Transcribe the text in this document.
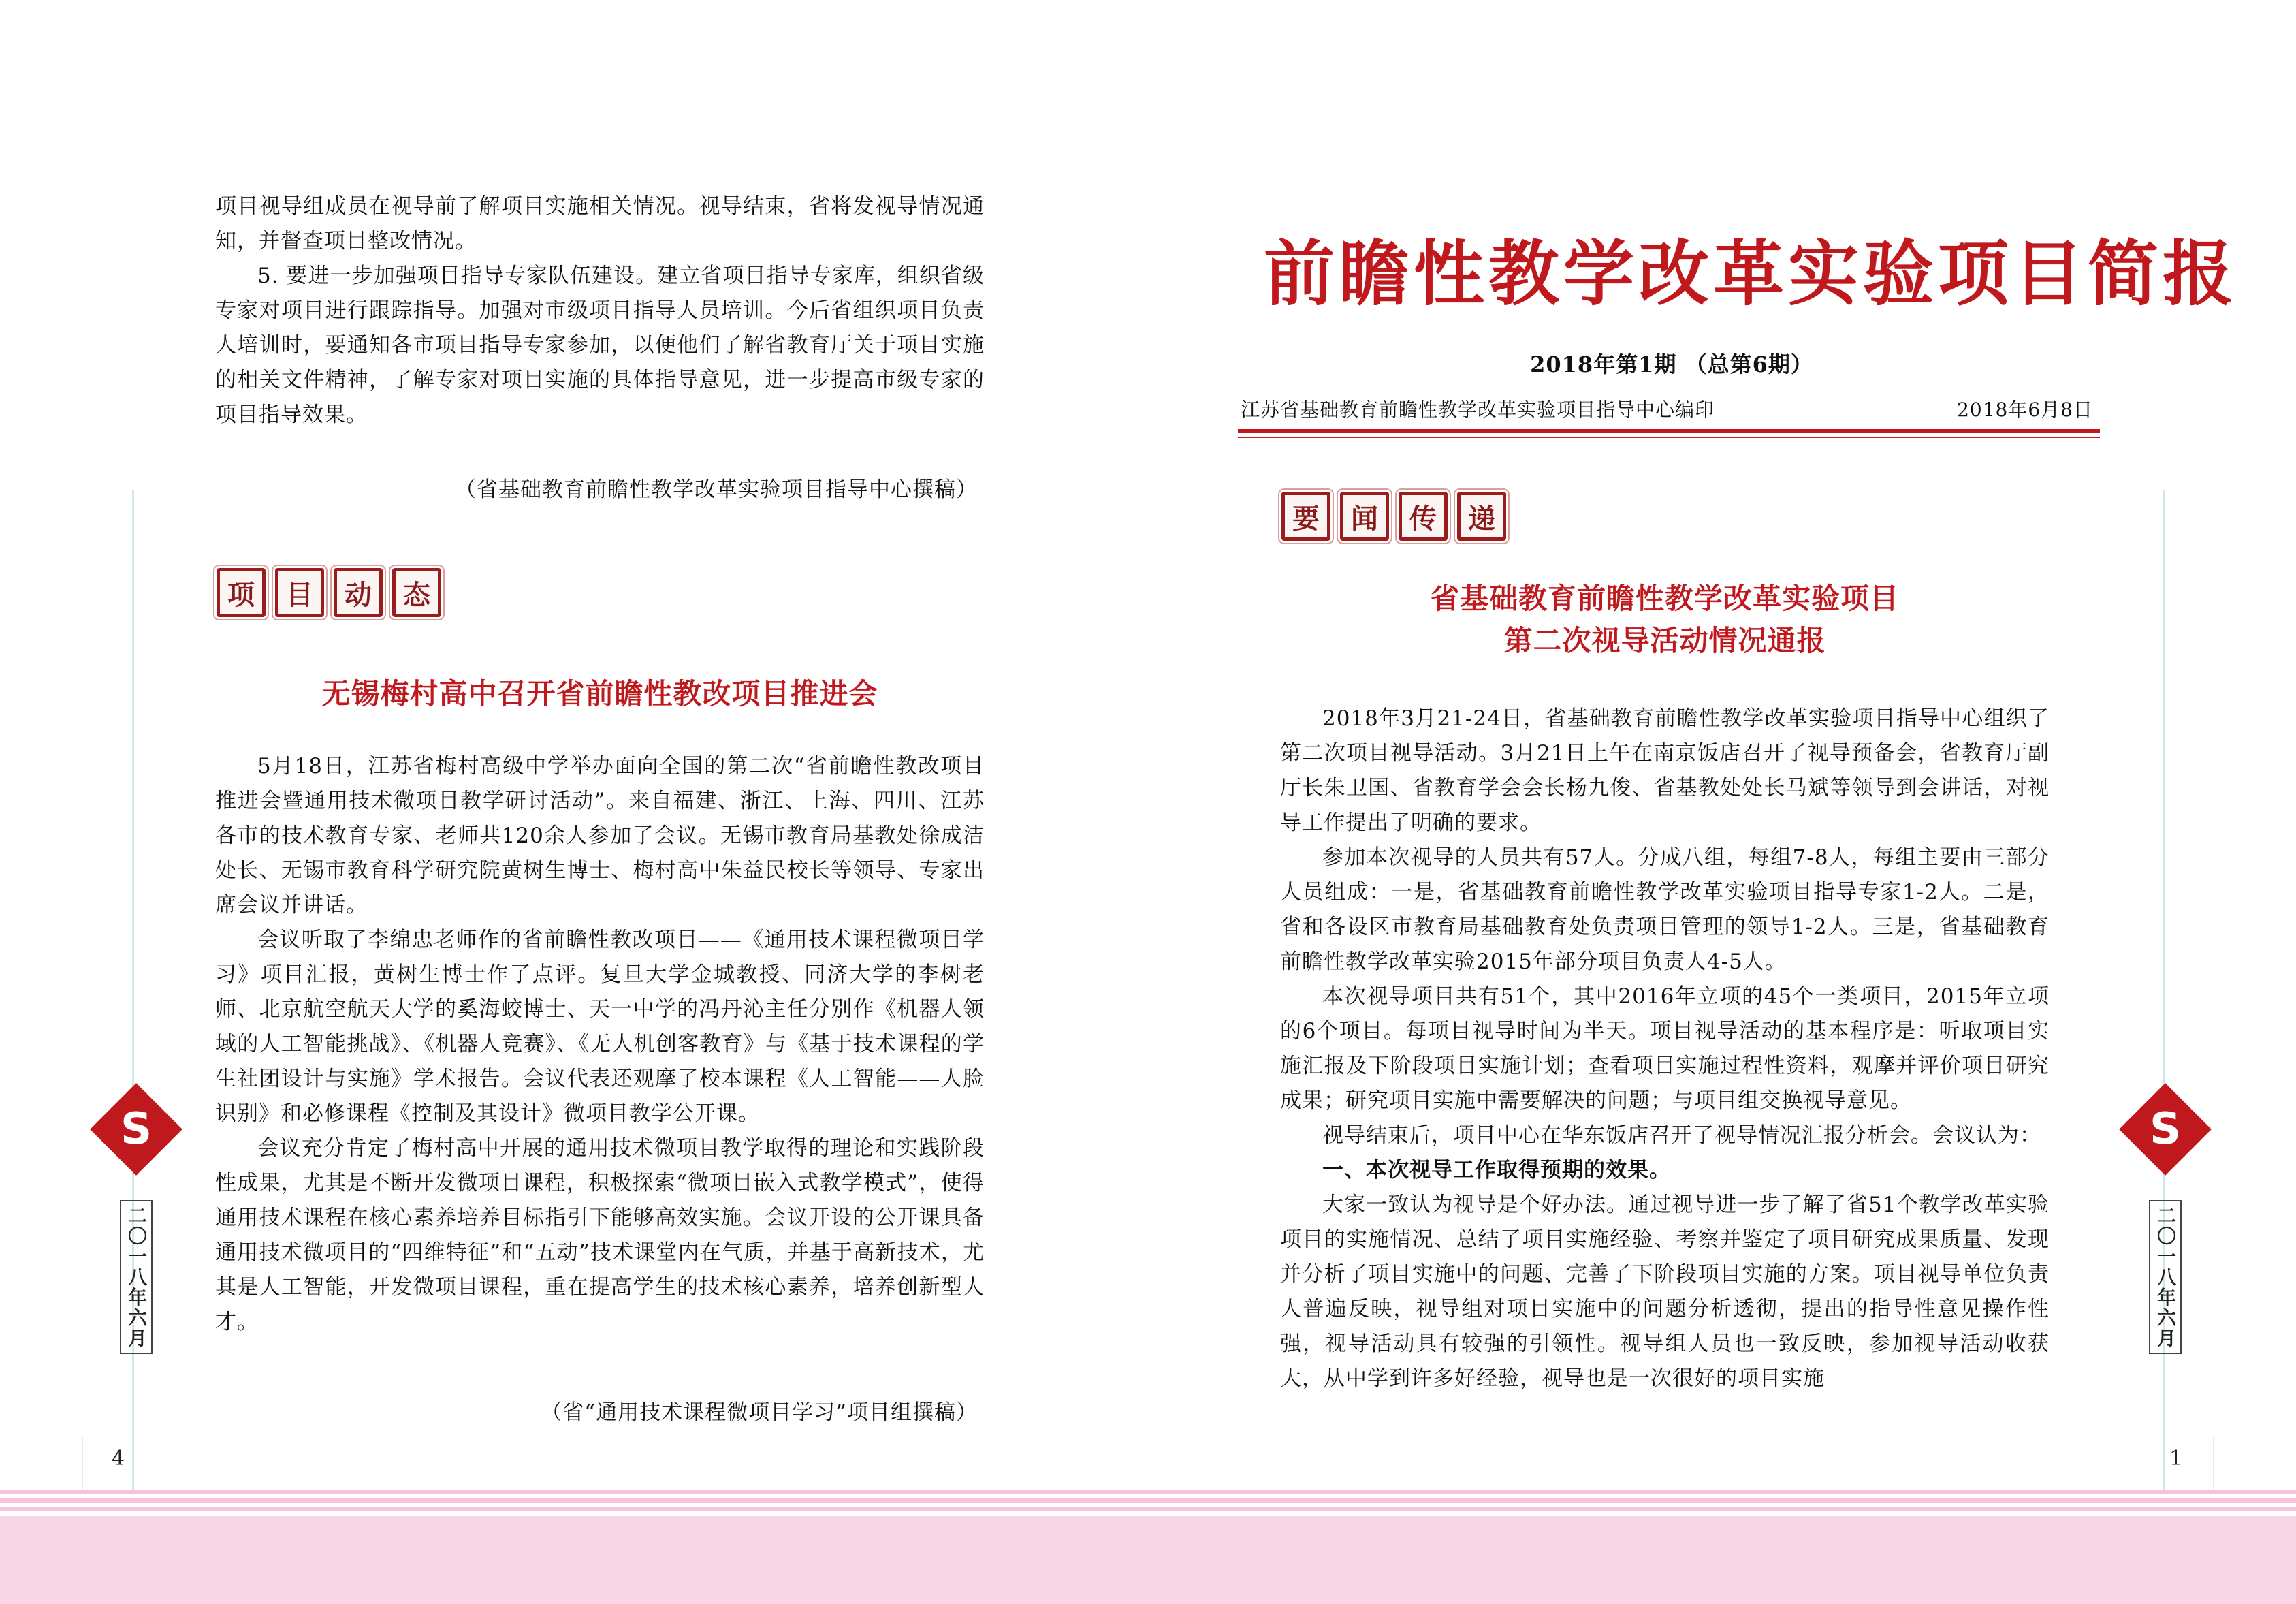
项目视导组成员在视导前了解项目实施相关情况。视导结束，省将发视导情况通知，并督查项目整改情况。

5. 要进一步加强项目指导专家队伍建设。建立省项目指导专家库，组织省级专家对项目进行跟踪指导。加强对市级项目指导人员培训。今后省组织项目负责人培训时，要通知各市项目指导专家参加，以便他们了解省教育厅关于项目实施的相关文件精神，了解专家对项目实施的具体指导意见，进一步提高市级专家的项目指导效果。

（省基础教育前瞻性教学改革实验项目指导中心撰稿）
项	目	动	态
无锡梅村高中召开省前瞻性教改项目推进会

5月18日，江苏省梅村高级中学举办面向全国的第二次“省前瞻性教改项目推进会暨通用技术微项目教学研讨活动”。来自福建、浙江、上海、四川、江苏各市的技术教育专家、老师共120余人参加了会议。无锡市教育局基教处徐成洁处长、无锡市教育科学研究院黄树生博士、梅村高中朱益民校长等领导、专家出席会议并讲话。

会议听取了李绵忠老师作的省前瞻性教改项目——《通用技术课程微项目学习》项目汇报，黄树生博士作了点评。复旦大学金城教授、同济大学的李树老师、北京航空航天大学的奚海蛟博士、天一中学的冯丹沁主任分别作《机器人领域的人工智能挑战》、《机器人竞赛》、《无人机创客教育》与《基于技术课程的学生社团设计与实施》学术报告。会议代表还观摩了校本课程《人工智能——人脸识别》和必修课程《控制及其设计》微项目教学公开课。

会议充分肯定了梅村高中开展的通用技术微项目教学取得的理论和实践阶段性成果，尤其是不断开发微项目课程，积极探索“微项目嵌入式教学模式”，使得通用技术课程在核心素养培养目标指引下能够高效实施。会议开设的公开课具备通用技术微项目的“四维特征”和“五动”技术课堂内在气质，并基于高新技术，尤其是人工智能，开发微项目课程，重在提高学生的技术核心素养，培养创新型人才。

（省“通用技术课程微项目学习”项目组撰稿）
S
二〇一八年六月
4
前瞻性教学改革实验项目简报
2018年第1期 （总第6期）
江苏省基础教育前瞻性教学改革实验项目指导中心编印	2018年6月8日
要	闻	传	递
省基础教育前瞻性教学改革实验项目
第二次视导活动情况通报

2018年3月21-24日，省基础教育前瞻性教学改革实验项目指导中心组织了第二次项目视导活动。3月21日上午在南京饭店召开了视导预备会，省教育厅副厅长朱卫国、省教育学会会长杨九俊、省基教处处长马斌等领导到会讲话，对视导工作提出了明确的要求。

参加本次视导的人员共有57人。分成八组，每组7-8人，每组主要由三部分人员组成：一是，省基础教育前瞻性教学改革实验项目指导专家1-2人。二是，省和各设区市教育局基础教育处负责项目管理的领导1-2人。三是，省基础教育前瞻性教学改革实验2015年部分项目负责人4-5人。

本次视导项目共有51个，其中2016年立项的45个一类项目，2015年立项的6个项目。每项目视导时间为半天。项目视导活动的基本程序是：听取项目实施汇报及下阶段项目实施计划；查看项目实施过程性资料，观摩并评价项目研究成果；研究项目实施中需要解决的问题；与项目组交换视导意见。

视导结束后，项目中心在华东饭店召开了视导情况汇报分析会。会议认为：

一、本次视导工作取得预期的效果。

大家一致认为视导是个好办法。通过视导进一步了解了省51个教学改革实验项目的实施情况、总结了项目实施经验、考察并鉴定了项目研究成果质量、发现并分析了项目实施中的问题、完善了下阶段项目实施的方案。项目视导单位负责人普遍反映，视导组对项目实施中的问题分析透彻，提出的指导性意见操作性强，视导活动具有较强的引领性。视导组人员也一致反映，参加视导活动收获大，从中学到许多好经验，视导也是一次很好的项目实施

S
二〇一八年六月
1
